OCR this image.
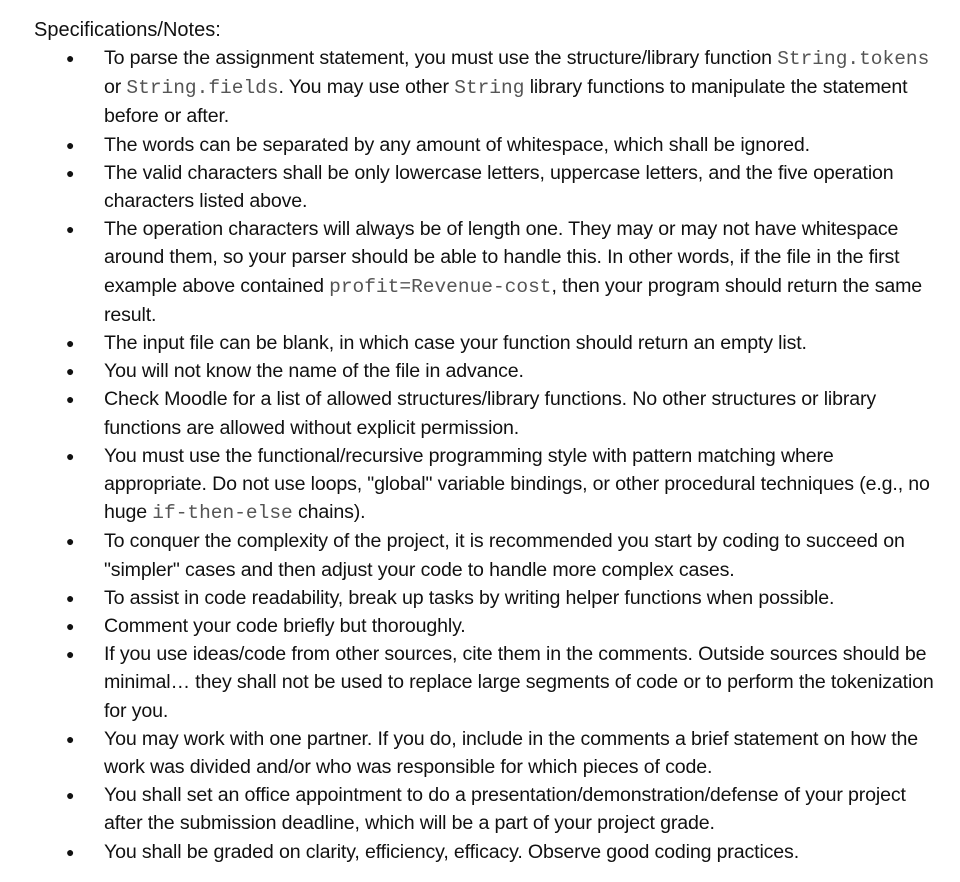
Specifications/Notes:
● To parse the assignment statement, you must use the structure/library function String.tokens or String.fields. You may use other String library functions to manipulate the statement before or after.
● The words can be separated by any amount of whitespace, which shall be ignored.
● The valid characters shall be only lowercase letters, uppercase letters, and the five operation characters listed above.
● The operation characters will always be of length one. They may or may not have whitespace around them, so your parser should be able to handle this. In other words, if the file in the first example above contained profit=Revenue-cost, then your program should return the same result.
● The input file can be blank, in which case your function should return an empty list.
● You will not know the name of the file in advance.
● Check Moodle for a list of allowed structures/library functions. No other structures or library functions are allowed without explicit permission.
● You must use the functional/recursive programming style with pattern matching where appropriate. Do not use loops, "global" variable bindings, or other procedural techniques (e.g., no huge if-then-else chains).
● To conquer the complexity of the project, it is recommended you start by coding to succeed on "simpler" cases and then adjust your code to handle more complex cases.
● To assist in code readability, break up tasks by writing helper functions when possible.
● Comment your code briefly but thoroughly.
● If you use ideas/code from other sources, cite them in the comments. Outside sources should be minimal… they shall not be used to replace large segments of code or to perform the tokenization for you.
● You may work with one partner. If you do, include in the comments a brief statement on how the work was divided and/or who was responsible for which pieces of code.
● You shall set an office appointment to do a presentation/demonstration/defense of your project after the submission deadline, which will be a part of your project grade.
● You shall be graded on clarity, efficiency, efficacy. Observe good coding practices.
